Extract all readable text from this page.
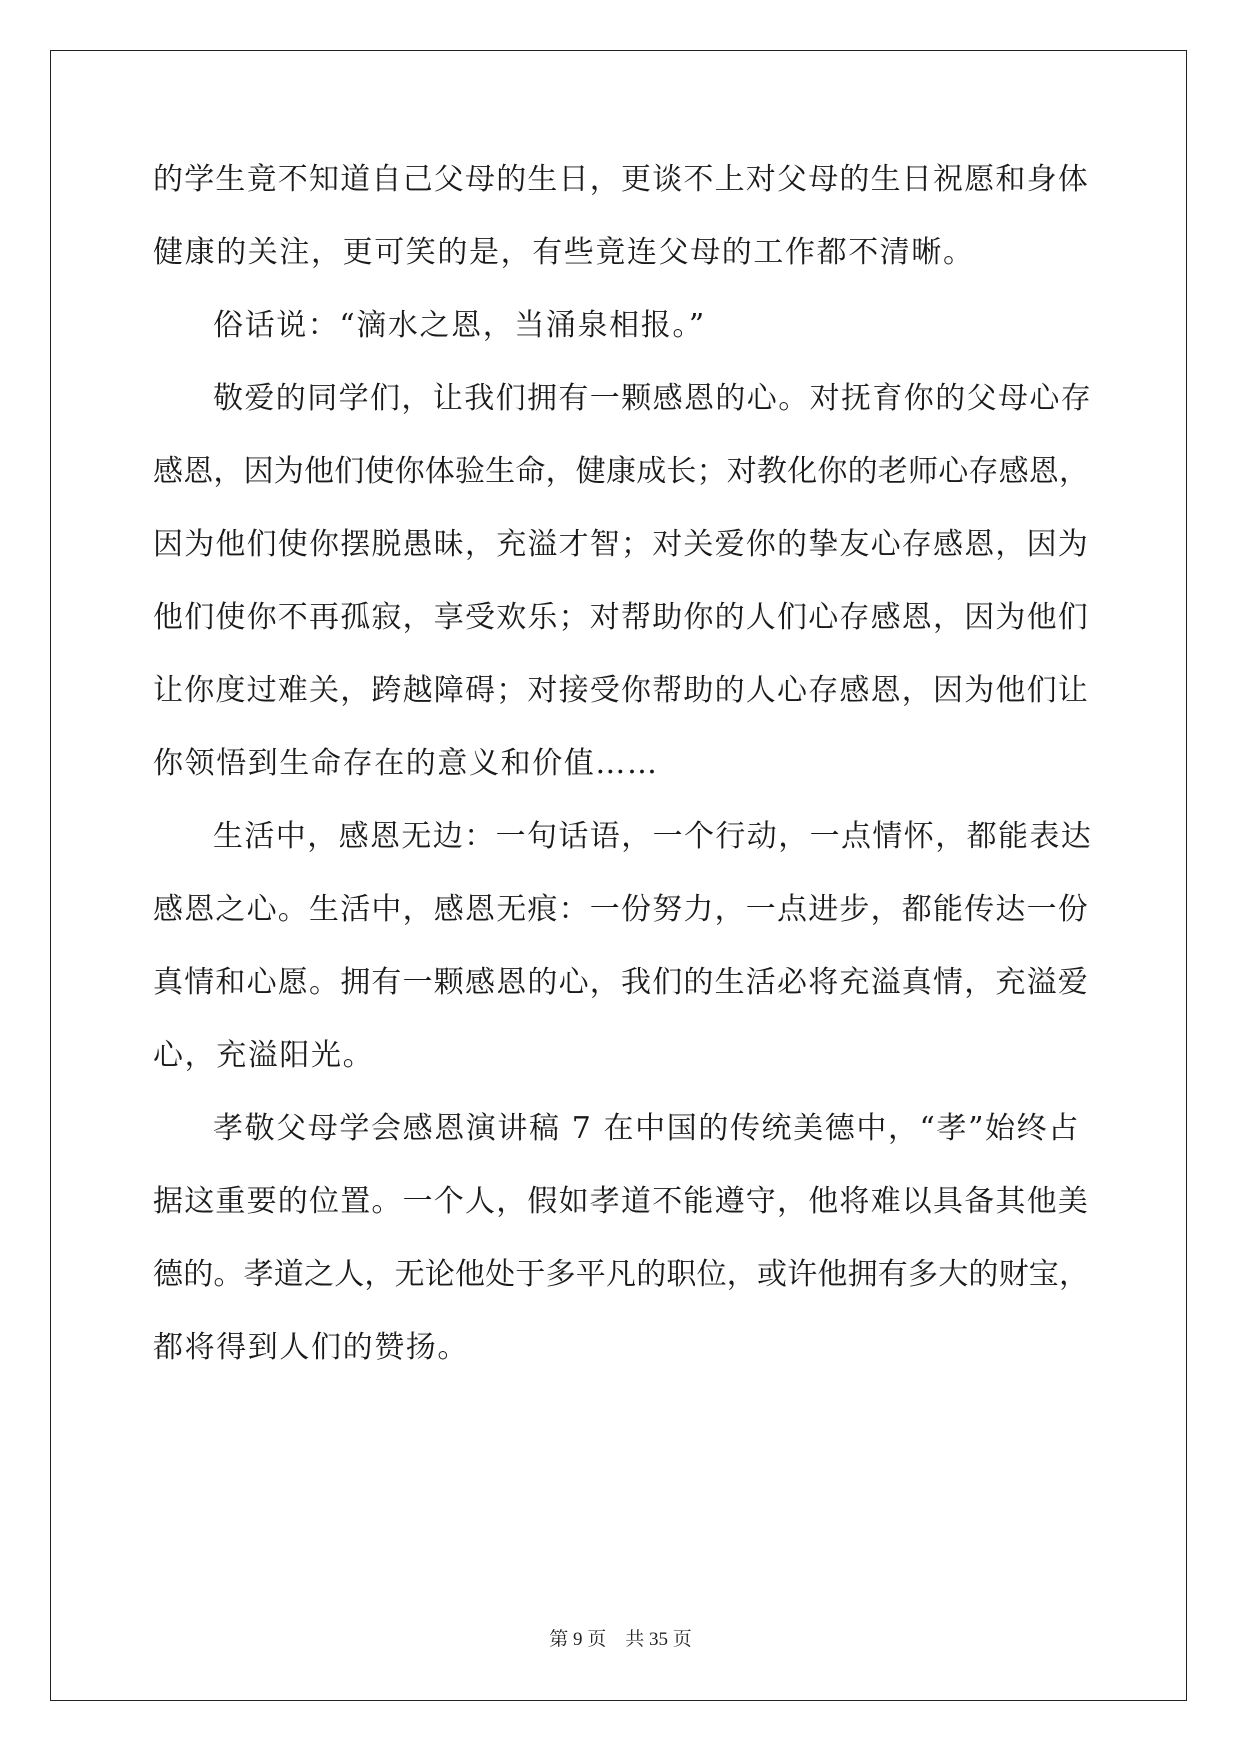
的学生竟不知道自己父母的生日，更谈不上对父母的生日祝愿和身体
健康的关注，更可笑的是，有些竟连父母的工作都不清晰。
俗话说：“滴水之恩，当涌泉相报。”
敬爱的同学们，让我们拥有一颗感恩的心。对抚育你的父母心存
感恩，因为他们使你体验生命，健康成长；对教化你的老师心存感恩，
因为他们使你摆脱愚昧，充溢才智；对关爱你的挚友心存感恩，因为
他们使你不再孤寂，享受欢乐；对帮助你的人们心存感恩，因为他们
让你度过难关，跨越障碍；对接受你帮助的人心存感恩，因为他们让
你领悟到生命存在的意义和价值……
生活中，感恩无边：一句话语，一个行动，一点情怀，都能表达
感恩之心。生活中，感恩无痕：一份努力，一点进步，都能传达一份
真情和心愿。拥有一颗感恩的心，我们的生活必将充溢真情，充溢爱
心，充溢阳光。
孝敬父母学会感恩演讲稿 7 在中国的传统美德中，“孝”始终占
据这重要的位置。一个人，假如孝道不能遵守，他将难以具备其他美
德的。孝道之人，无论他处于多平凡的职位，或许他拥有多大的财宝，
都将得到人们的赞扬。
第 9 页    共 35 页
